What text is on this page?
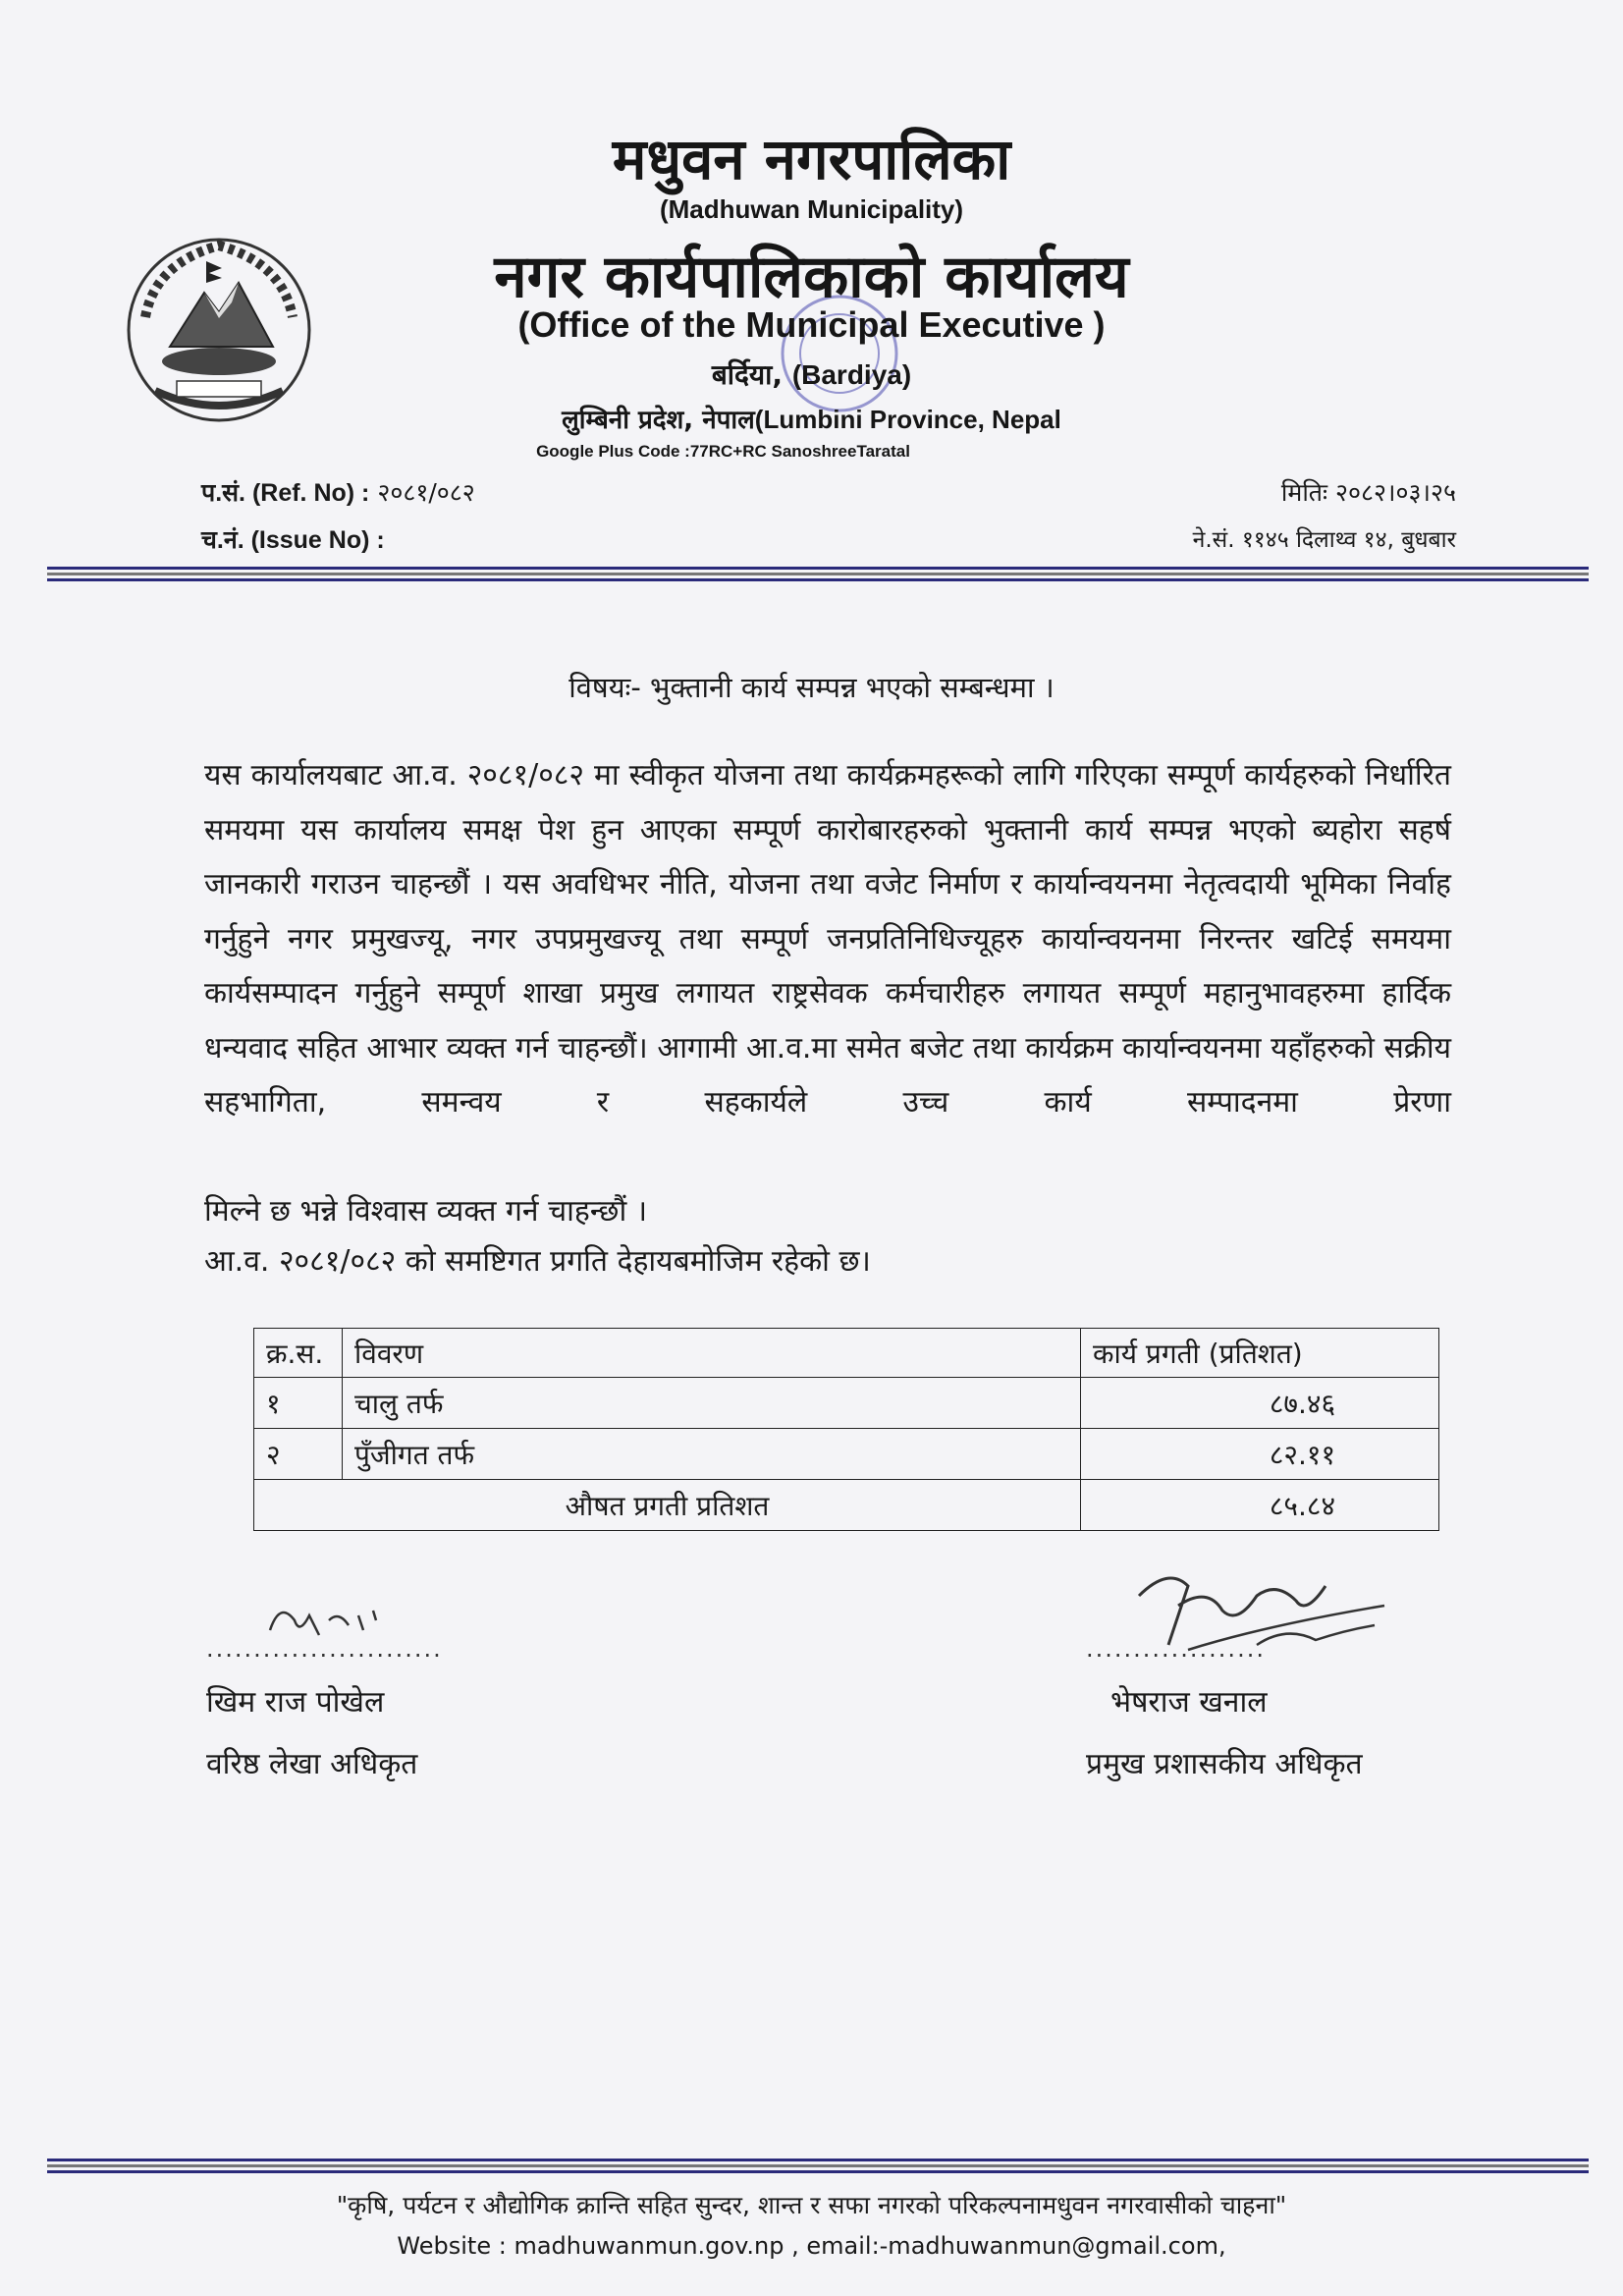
मधुवन नगरपालिका
(Madhuwan Municipality)
नगर कार्यपालिकाको कार्यालय
(Office of the Municipal Executive )
बर्दिया, (Bardiya)
लुम्बिनी प्रदेश, नेपाल(Lumbini Province, Nepal
Google Plus Code :77RC+RC SanoshreeTaratal
प.सं. (Ref. No) : २०८१/०८२
च.नं. (Issue No) :
मितिः २०८२।०३।२५
ने.सं. ११४५ दिलाथ्व १४, बुधबार
विषयः- भुक्तानी कार्य सम्पन्न भएको सम्बन्धमा ।
यस कार्यालयबाट आ.व. २०८१/०८२ मा स्वीकृत योजना तथा कार्यक्रमहरूको लागि गरिएका सम्पूर्ण कार्यहरुको निर्धारित समयमा यस कार्यालय समक्ष पेश हुन आएका सम्पूर्ण कारोबारहरुको भुक्तानी कार्य सम्पन्न भएको ब्यहोरा सहर्ष जानकारी गराउन चाहन्छौं । यस अवधिभर नीति, योजना तथा वजेट निर्माण र कार्यान्वयनमा नेतृत्वदायी भूमिका निर्वाह गर्नुहुने नगर प्रमुखज्यू, नगर उपप्रमुखज्यू तथा सम्पूर्ण जनप्रतिनिधिज्यूहरु कार्यान्वयनमा निरन्तर खटिई समयमा कार्यसम्पादन गर्नुहुने सम्पूर्ण शाखा प्रमुख लगायत राष्ट्रसेवक कर्मचारीहरु लगायत सम्पूर्ण महानुभावहरुमा हार्दिक धन्यवाद सहित आभार व्यक्त गर्न चाहन्छौं। आगामी आ.व.मा समेत बजेट तथा कार्यक्रम कार्यान्वयनमा यहाँहरुको सक्रीय सहभागिता, समन्वय र सहकार्यले उच्च कार्य सम्पादनमा प्रेरणा
मिल्ने छ भन्ने विश्वास व्यक्त गर्न चाहन्छौं ।
आ.व. २०८१/०८२ को समष्टिगत प्रगति देहायबमोजिम रहेको छ।
क्र.स.	विवरण	कार्य प्रगती (प्रतिशत)
१	चालु तर्फ	८७.४६
२	पुँजीगत तर्फ	८२.११
औषत प्रगती प्रतिशत		८५.८४
.........................
खिम राज पोखेल
वरिष्ठ लेखा अधिकृत
...................
भेषराज खनाल
प्रमुख प्रशासकीय अधिकृत
"कृषि, पर्यटन र औद्योगिक क्रान्ति सहित सुन्दर, शान्त र सफा नगरको परिकल्पनामधुवन नगरवासीको चाहना"
Website : madhuwanmun.gov.np , email:-madhuwanmun@gmail.com,
